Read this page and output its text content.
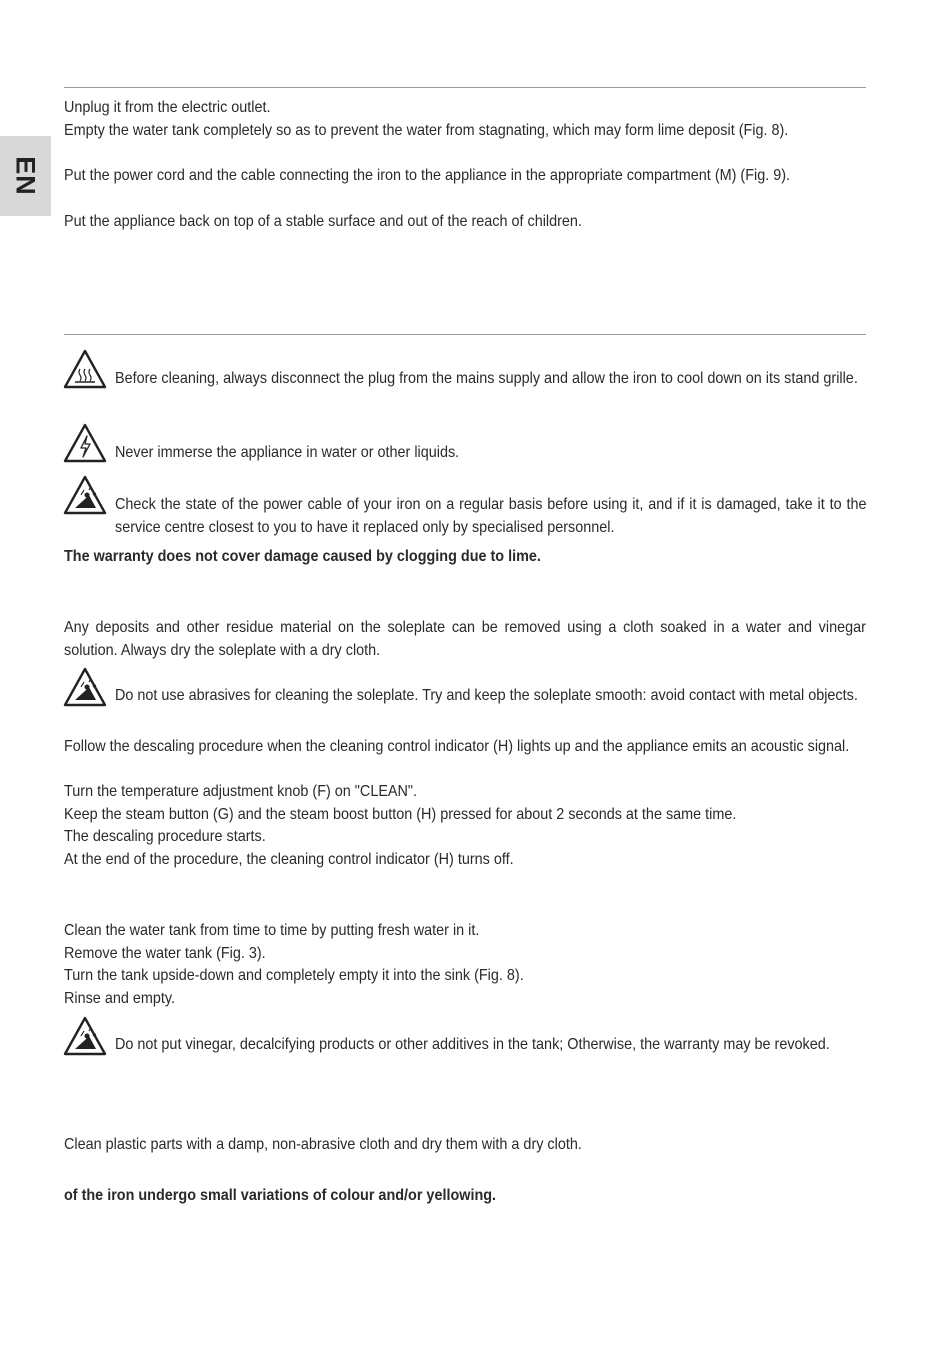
EN

Unplug it from the electric outlet.

Empty the water tank completely so as to prevent the water from stagnating, which may form lime deposit (Fig. 8).

Put the power cord and the cable connecting the iron to the appliance in the appropriate compartment (M) (Fig. 9).

Put the appliance back on top of a stable surface and out of the reach of children.

Before cleaning, always disconnect the plug from the mains supply and allow the iron to cool down on its stand grille.

Never immerse the appliance in water or other liquids.

Check the state of the power cable of your iron on a regular basis before using it, and if it is damaged, take it to the service centre closest to you to have it replaced only by specialised personnel.

The warranty does not cover damage caused by clogging due to lime.

Any deposits and other residue material on the soleplate can be removed using a cloth soaked in a water and vinegar solution. Always dry the soleplate with a dry cloth.

Do not use abrasives for cleaning the soleplate. Try and keep the soleplate smooth: avoid contact with metal objects.

Follow the descaling procedure when the cleaning control indicator (H) lights up and the appliance emits an acoustic signal.

Turn the temperature adjustment knob (F) on "CLEAN".

Keep the steam button (G) and the steam boost button (H) pressed for about 2 seconds at the same time.

The descaling procedure starts.

At the end of the procedure, the cleaning control indicator (H) turns off.

Clean the water tank from time to time by putting fresh water in it.

Remove the water tank (Fig. 3).

Turn the tank upside-down and completely empty it into the sink (Fig. 8).

Rinse and empty.

Do not put vinegar, decalcifying products or other additives in the tank; Otherwise, the warranty may be revoked.

Clean plastic parts with a damp, non-abrasive cloth and dry them with a dry cloth.

of the iron undergo small variations of colour and/or yellowing.
